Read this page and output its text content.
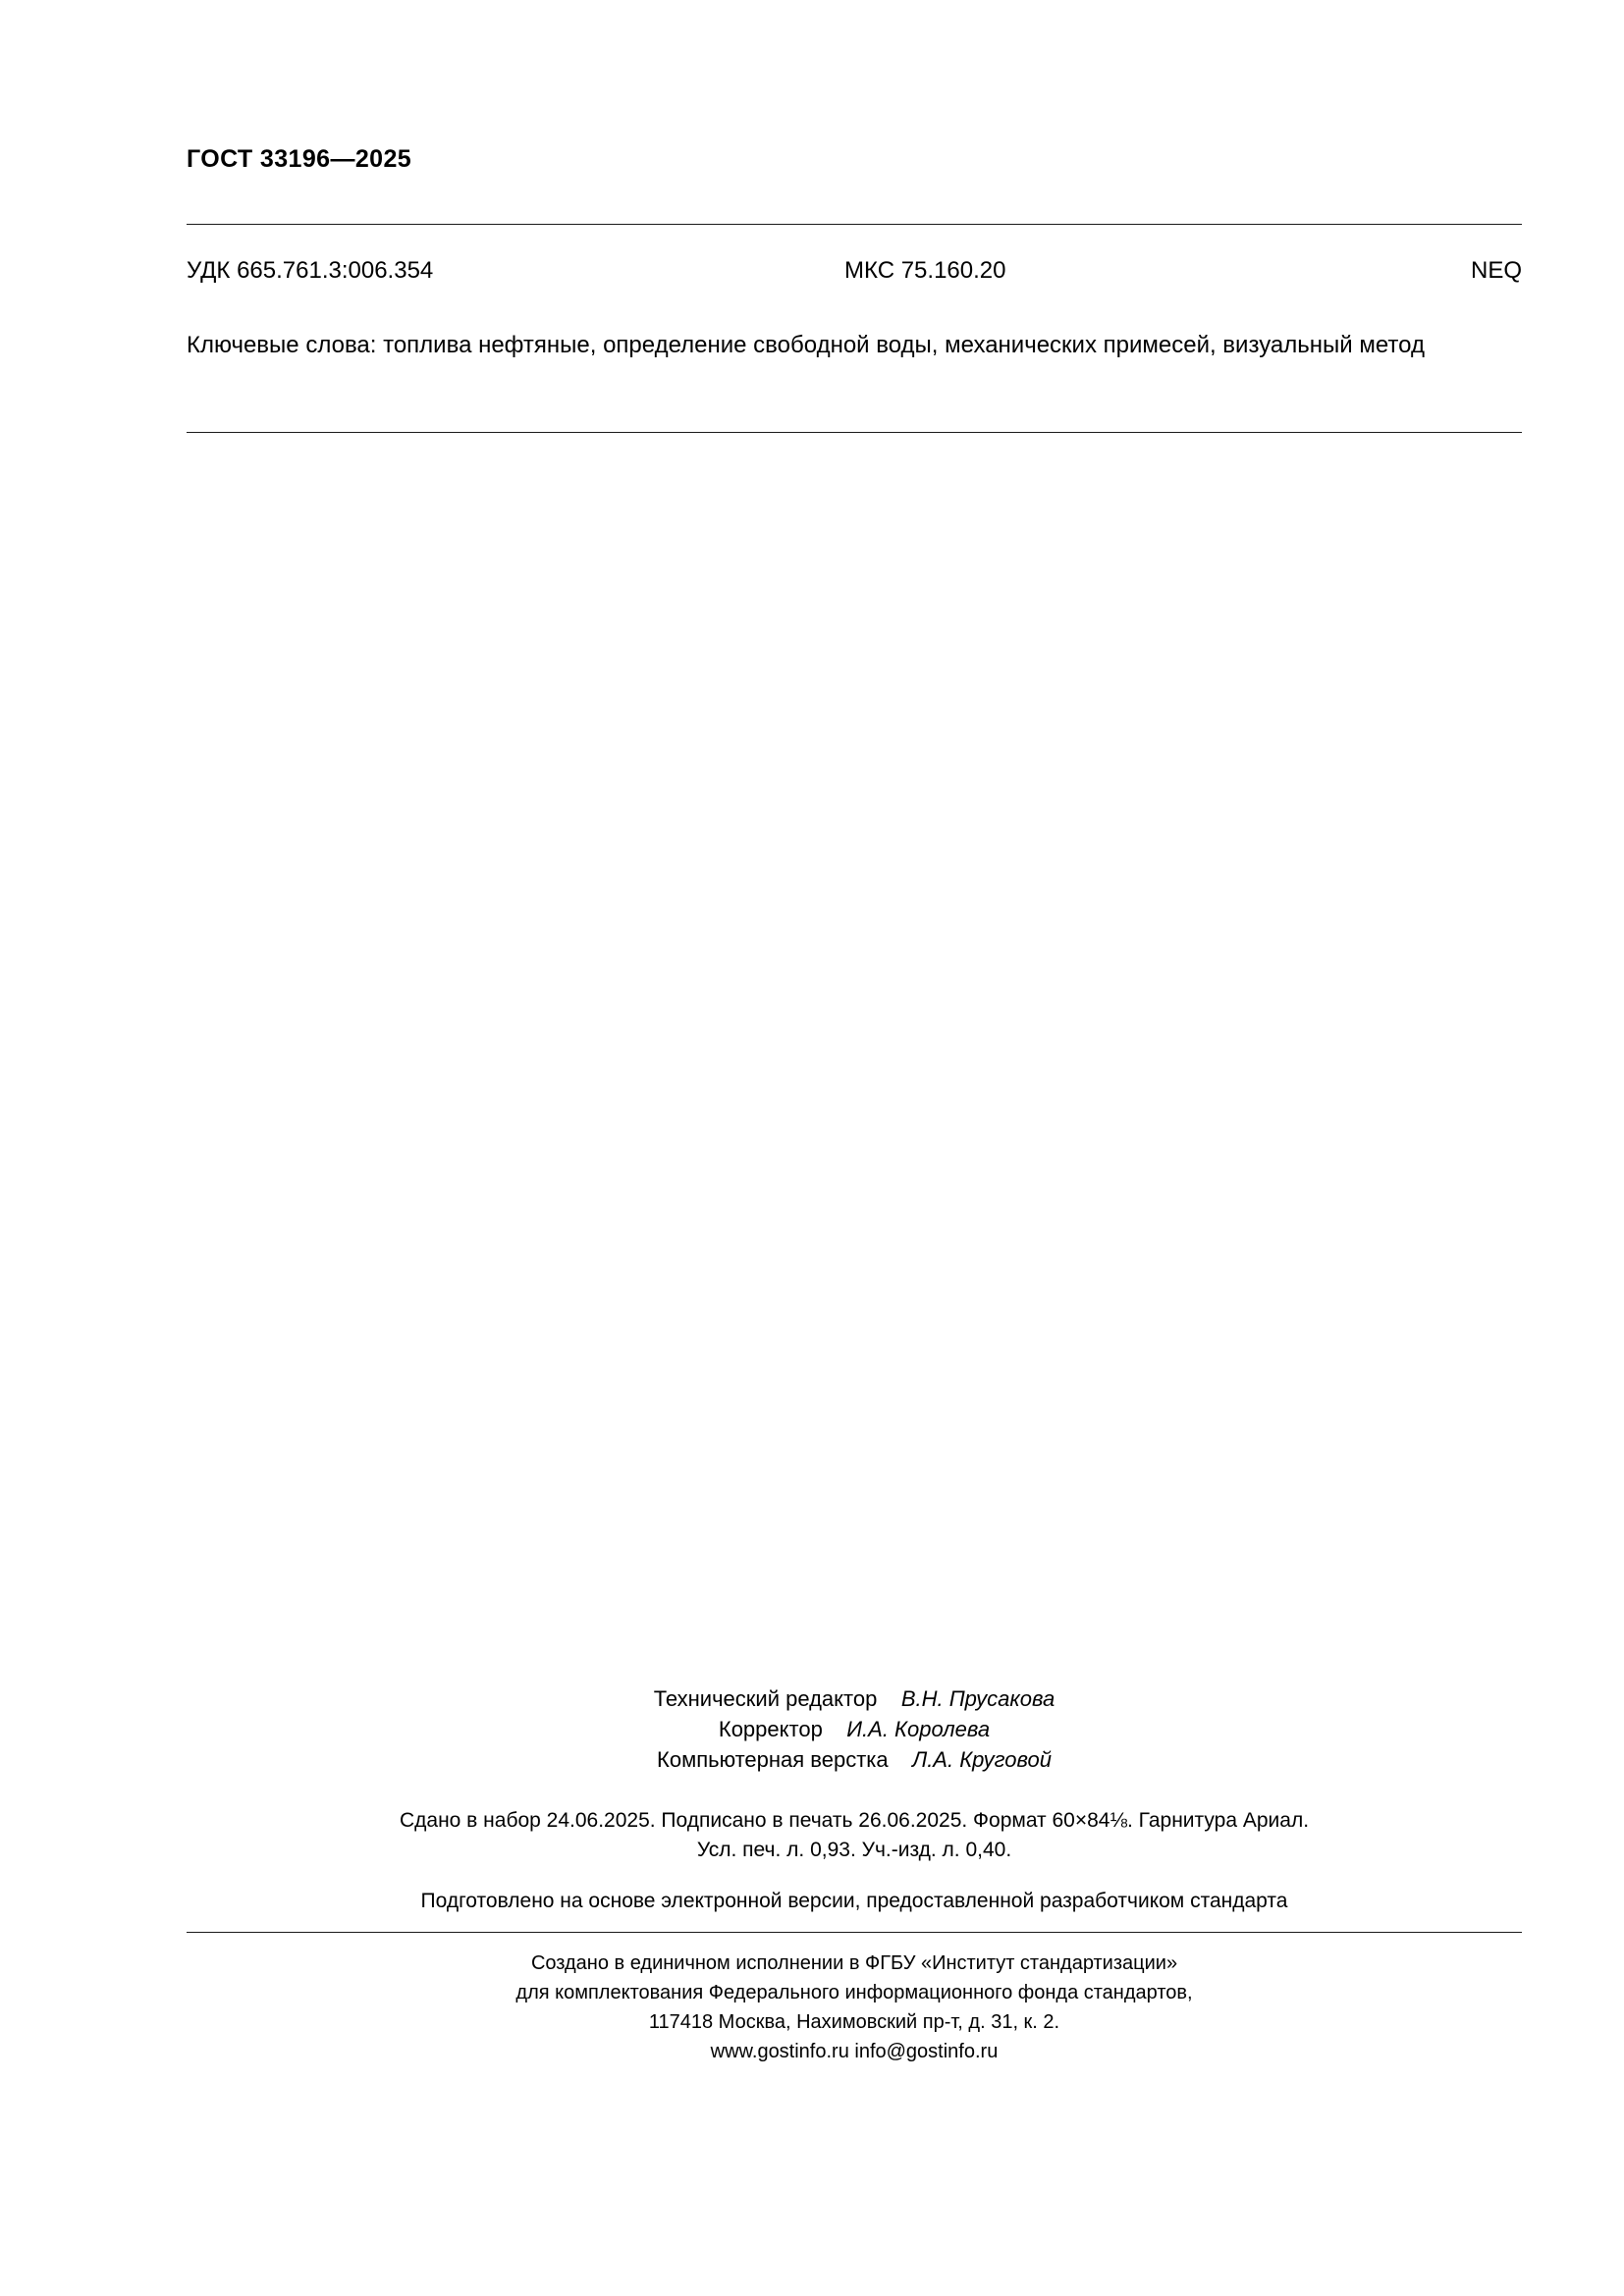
ГОСТ 33196—2025
УДК 665.761.3:006.354	МКС 75.160.20	NEQ
Ключевые слова: топлива нефтяные, определение свободной воды, механических примесей, визуальный метод
Технический редактор В.Н. Прусакова
Корректор И.А. Королева
Компьютерная верстка Л.А. Круговой
Сдано в набор 24.06.2025. Подписано в печать 26.06.2025. Формат 60×84⅛. Гарнитура Ариал.
Усл. печ. л. 0,93. Уч.-изд. л. 0,40.
Подготовлено на основе электронной версии, предоставленной разработчиком стандарта
Создано в единичном исполнении в ФГБУ «Институт стандартизации»
для комплектования Федерального информационного фонда стандартов,
117418 Москва, Нахимовский пр-т, д. 31, к. 2.
www.gostinfo.ru info@gostinfo.ru
